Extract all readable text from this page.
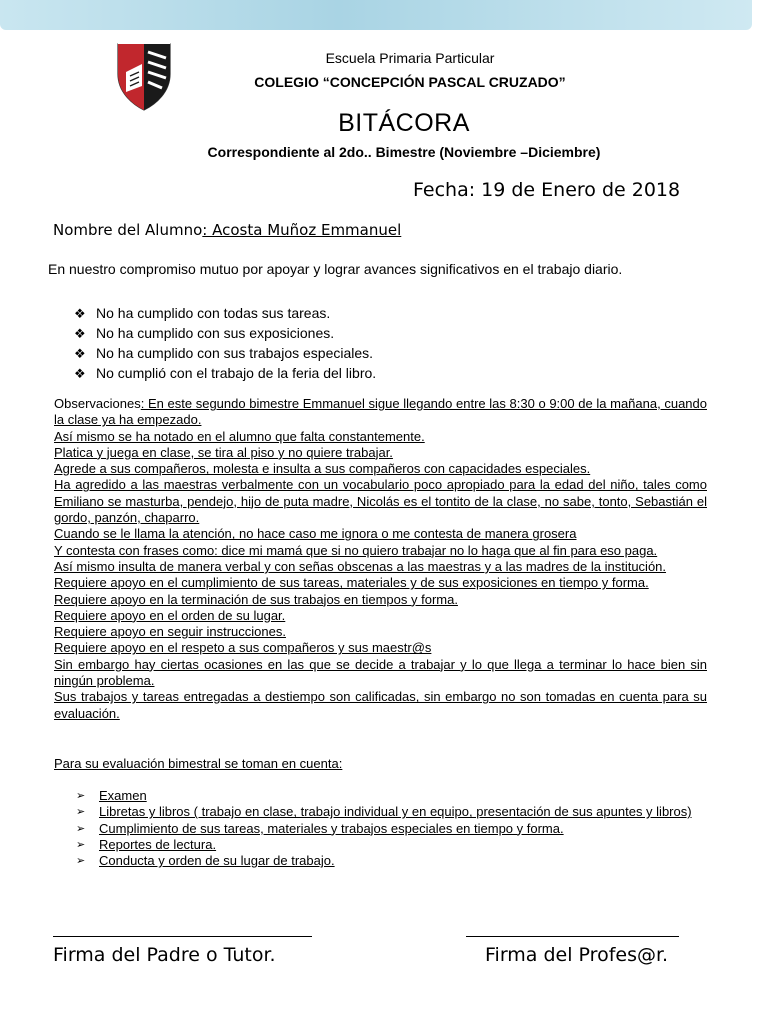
Escuela Primaria Particular
COLEGIO “CONCEPCIÓN PASCAL CRUZADO”
BITÁCORA
Correspondiente al 2do.. Bimestre (Noviembre –Diciembre)
Fecha: 19 de Enero de 2018
Nombre del Alumno: Acosta Muñoz Emmanuel
En nuestro compromiso mutuo por apoyar y lograr avances significativos en el trabajo diario.
❖ No ha cumplido con todas sus tareas.
❖ No ha cumplido con sus exposiciones.
❖ No ha cumplido con sus trabajos especiales.
❖ No cumplió con el trabajo de la feria del libro.
Observaciones: En este segundo bimestre Emmanuel sigue llegando entre las 8:30 o 9:00 de la mañana, cuando la clase ya ha empezado.
Así mismo se ha notado en el alumno que falta constantemente.
Platica y juega en clase, se tira al piso y no quiere trabajar.
Agrede a sus compañeros, molesta e insulta a sus compañeros con capacidades especiales.
Ha agredido a las maestras verbalmente con un vocabulario poco apropiado para la edad del niño, tales como Emiliano se masturba, pendejo, hijo de puta madre, Nicolás es el tontito de la clase, no sabe, tonto, Sebastián el gordo, panzón, chaparro.
Cuando se le llama la atención, no hace caso me ignora o me contesta de manera grosera
Y contesta con frases como: dice mi mamá que si no quiero trabajar no lo haga que al fin para eso paga.
Así mismo insulta de manera verbal y con señas obscenas a las maestras y a las madres de la institución.
Requiere apoyo en el cumplimiento de sus tareas, materiales y de sus exposiciones en tiempo y forma.
Requiere apoyo en la terminación de sus trabajos en tiempos y forma.
Requiere apoyo en el orden de su lugar.
Requiere apoyo en seguir instrucciones.
Requiere apoyo en el respeto a sus compañeros y sus maestr@s
Sin embargo hay ciertas ocasiones en las que se decide a trabajar y lo que llega a terminar lo hace bien sin ningún problema.
Sus trabajos y tareas entregadas a destiempo son calificadas, sin embargo no son tomadas en cuenta para su evaluación.
Para su evaluación bimestral se toman en cuenta:
➢ Examen
➢ Libretas y libros ( trabajo en clase, trabajo individual y en equipo, presentación de sus apuntes y libros)
➢ Cumplimiento de sus tareas, materiales y trabajos especiales en tiempo y forma.
➢ Reportes de lectura.
➢ Conducta y orden de su lugar de trabajo.
Firma del Padre o Tutor.	Firma del Profes@r.
